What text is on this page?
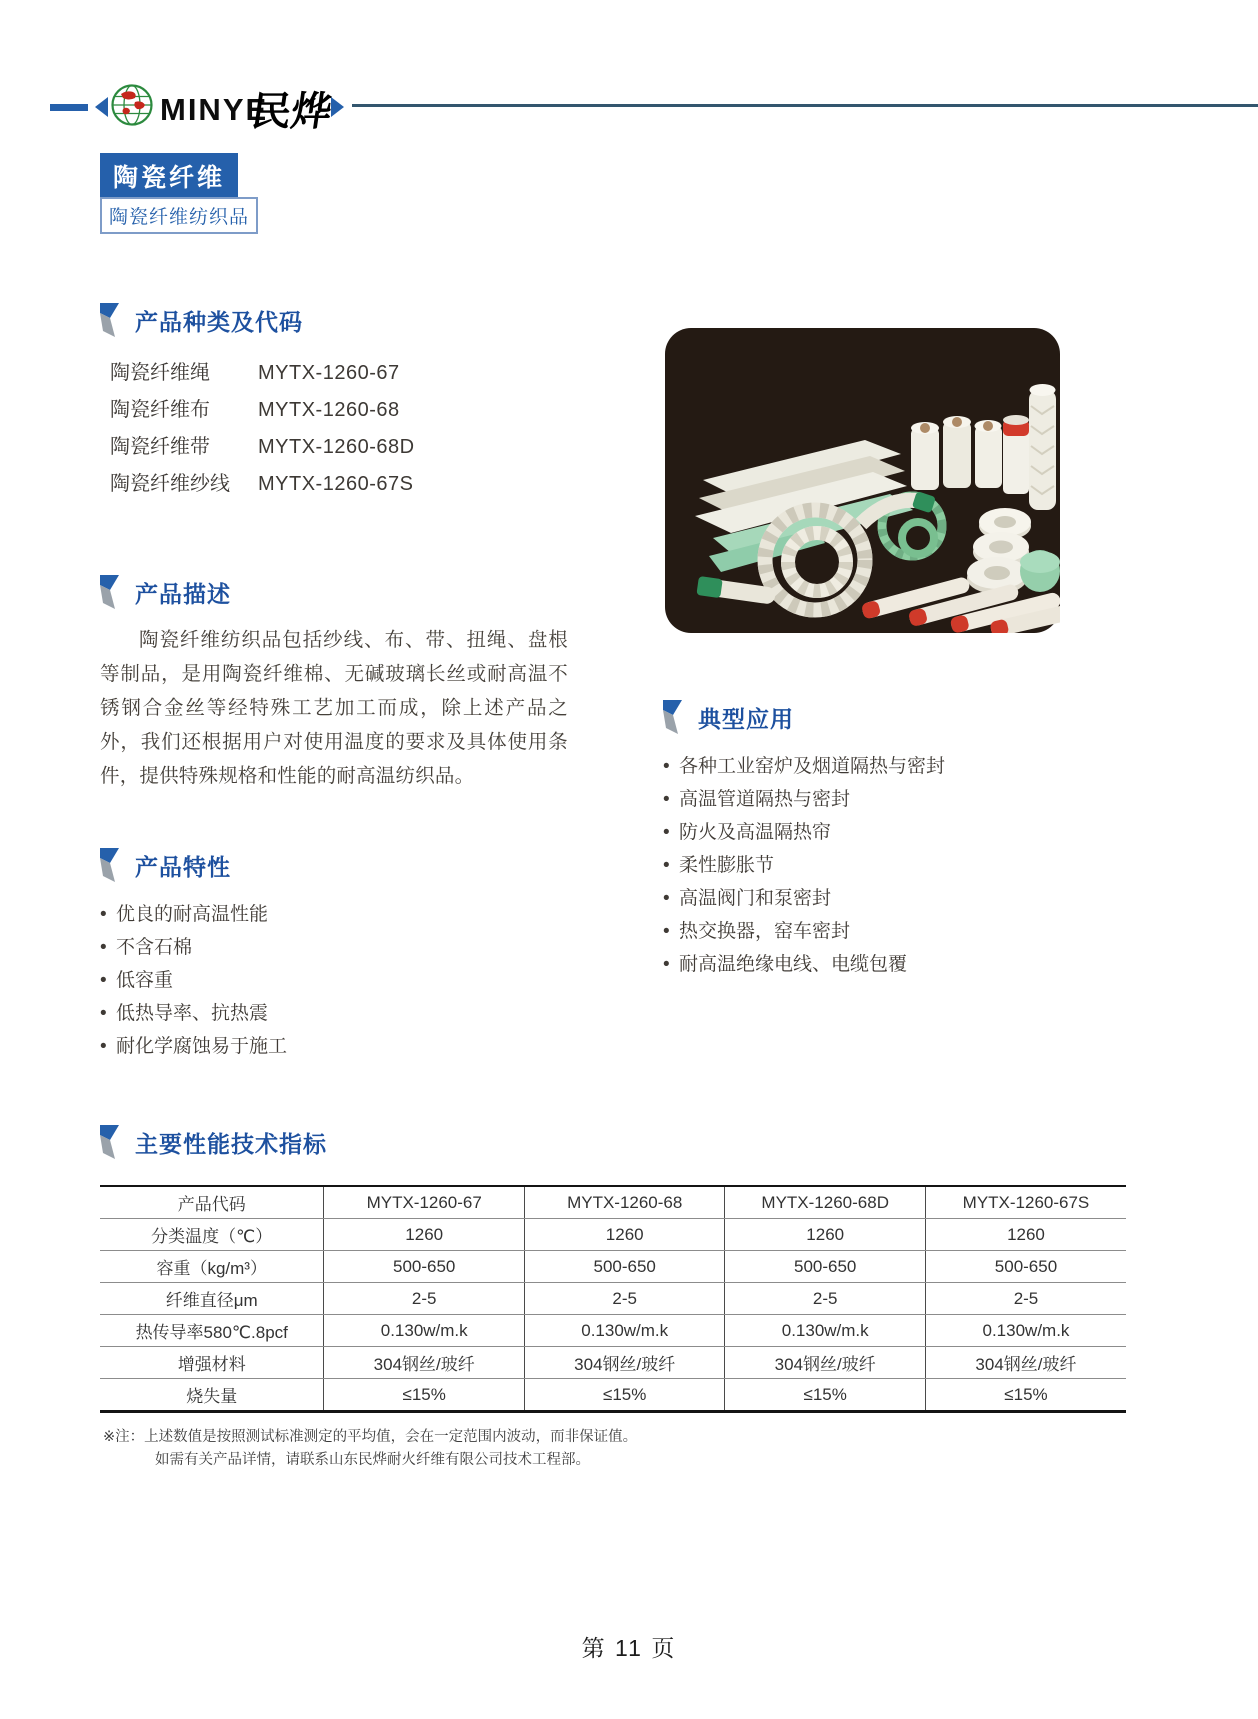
MINYE
民烨
陶瓷纤维
陶瓷纤维纺织品
产品种类及代码
陶瓷纤维绳	MYTX-1260-67
陶瓷纤维布	MYTX-1260-68
陶瓷纤维带	MYTX-1260-68D
陶瓷纤维纱线	MYTX-1260-67S
产品描述
陶瓷纤维纺织品包括纱线、布、带、扭绳、盘根等制品，是用陶瓷纤维棉、无碱玻璃长丝或耐高温不锈钢合金丝等经特殊工艺加工而成，除上述产品之外，我们还根据用户对使用温度的要求及具体使用条件，提供特殊规格和性能的耐高温纺织品。
典型应用
•
各种工业窑炉及烟道隔热与密封
•
高温管道隔热与密封
•
防火及高温隔热帘
•
柔性膨胀节
•
高温阀门和泵密封
•
热交换器，窑车密封
•
耐高温绝缘电线、电缆包覆
产品特性
•
优良的耐高温性能
•
不含石棉
•
低容重
•
低热导率、抗热震
•
耐化学腐蚀易于施工
主要性能技术指标
产品代码	MYTX-1260-67	MYTX-1260-68	MYTX-1260-68D	MYTX-1260-67S
分类温度（℃）	1260	1260	1260	1260
容重（kg/m³）	500-650	500-650	500-650	500-650
纤维直径μm	2-5	2-5	2-5	2-5
热传导率580℃.8pcf	0.130w/m.k	0.130w/m.k	0.130w/m.k	0.130w/m.k
增强材料	304钢丝/玻纤	304钢丝/玻纤	304钢丝/玻纤	304钢丝/玻纤
烧失量	≤15%	≤15%	≤15%	≤15%
※注：上述数值是按照测试标准测定的平均值，会在一定范围内波动，而非保证值。
如需有关产品详情，请联系山东民烨耐火纤维有限公司技术工程部。
第 11 页
